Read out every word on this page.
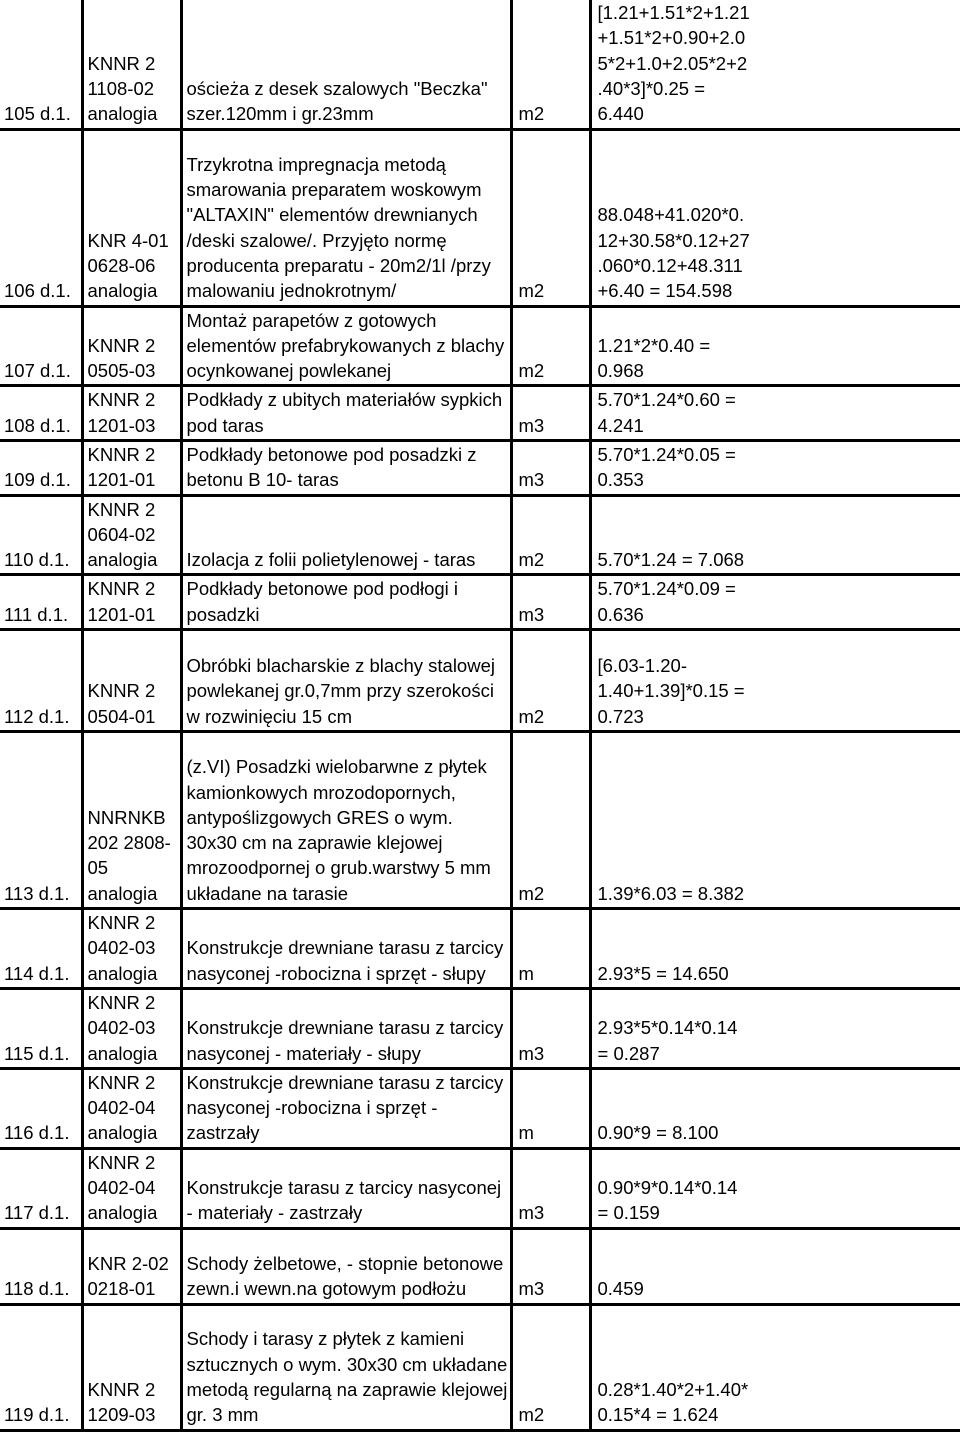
105 d.1.	KNNR 2
1108-02
analogia	ościeża z desek szalowych "Beczka" szer.120mm i gr.23mm	m2	[1.21+1.51*2+1.21
+1.51*2+0.90+2.0
5*2+1.0+2.05*2+2
.40*3]*0.25 =
6.440
106 d.1.	KNR 4-01
0628-06
analogia	Trzykrotna impregnacja metodą smarowania preparatem woskowym "ALTAXIN" elementów drewnianych /deski szalowe/. Przyjęto normę producenta preparatu - 20m2/1l /przy malowaniu jednokrotnym/	m2	88.048+41.020*0.
12+30.58*0.12+27
.060*0.12+48.311
+6.40 = 154.598
107 d.1.	KNNR 2
0505-03	Montaż parapetów z gotowych elementów prefabrykowanych z blachy ocynkowanej powlekanej	m2	1.21*2*0.40 =
0.968
108 d.1.	KNNR 2
1201-03	Podkłady z ubitych materiałów sypkich pod taras	m3	5.70*1.24*0.60 =
4.241
109 d.1.	KNNR 2
1201-01	Podkłady betonowe pod posadzki z betonu B 10- taras	m3	5.70*1.24*0.05 =
0.353
110 d.1.	KNNR 2
0604-02
analogia	Izolacja z folii polietylenowej - taras	m2	5.70*1.24 = 7.068
111 d.1.	KNNR 2
1201-01	Podkłady betonowe pod podłogi i posadzki	m3	5.70*1.24*0.09 =
0.636
112 d.1.	KNNR 2
0504-01	Obróbki blacharskie z blachy stalowej powlekanej gr.0,7mm przy szerokości w rozwinięciu 15 cm	m2	[6.03-1.20-
1.40+1.39]*0.15 =
0.723
113 d.1.	NNRNKB
202 2808-
05
analogia	(z.VI) Posadzki wielobarwne z płytek kamionkowych mrozodopornych, antypoślizgowych GRES o wym. 30x30 cm na zaprawie klejowej mrozoodpornej o grub.warstwy 5 mm układane na tarasie	m2	1.39*6.03 = 8.382
114 d.1.	KNNR 2
0402-03
analogia	Konstrukcje drewniane tarasu z tarcicy nasyconej -robocizna i sprzęt - słupy	m	2.93*5 = 14.650
115 d.1.	KNNR 2
0402-03
analogia	Konstrukcje drewniane tarasu z tarcicy nasyconej - materiały - słupy	m3	2.93*5*0.14*0.14
= 0.287
116 d.1.	KNNR 2
0402-04
analogia	Konstrukcje drewniane tarasu z tarcicy nasyconej -robocizna i sprzęt - zastrzały	m	0.90*9 = 8.100
117 d.1.	KNNR 2
0402-04
analogia	Konstrukcje tarasu z tarcicy nasyconej - materiały - zastrzały	m3	0.90*9*0.14*0.14
= 0.159
118 d.1.	KNR 2-02
0218-01	Schody żelbetowe, - stopnie betonowe zewn.i wewn.na gotowym podłożu	m3	0.459
119 d.1.	KNNR 2
1209-03	Schody i tarasy z płytek z kamieni sztucznych o wym. 30x30 cm układane metodą regularną na zaprawie klejowej gr. 3 mm	m2	0.28*1.40*2+1.40*
0.15*4 = 1.624
